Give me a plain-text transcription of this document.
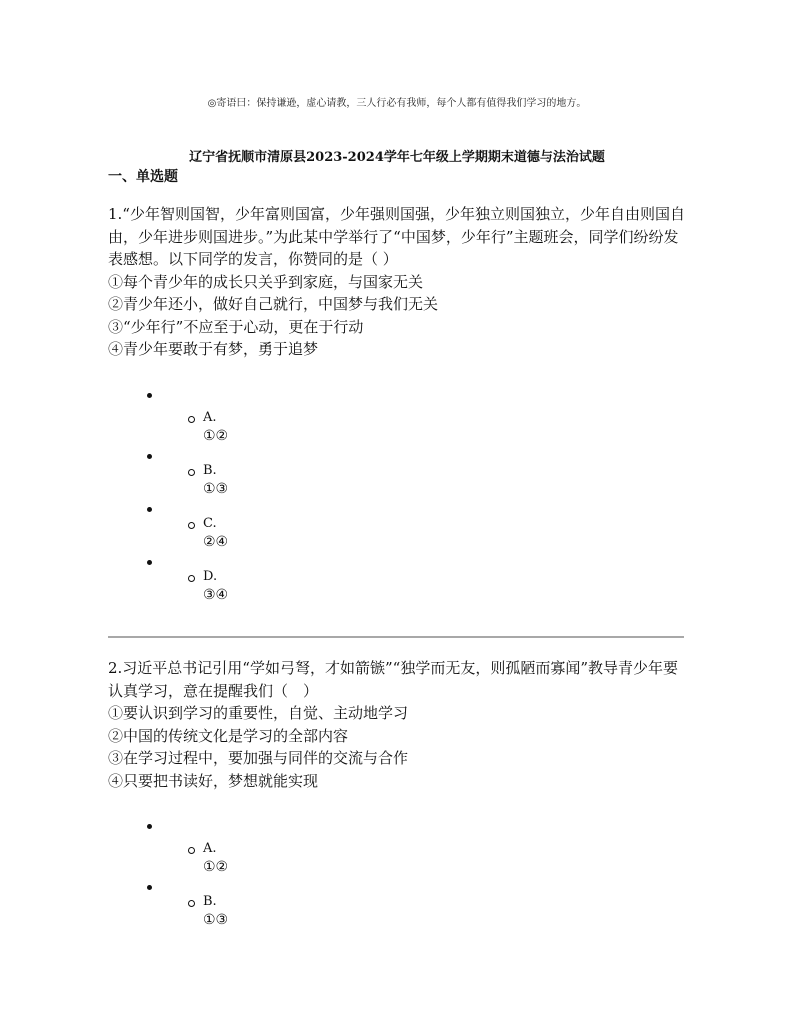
◎寄语曰：保持谦逊，虚心请教，三人行必有我师，每个人都有值得我们学习的地方。
辽宁省抚顺市清原县2023-2024学年七年级上学期期末道德与法治试题
一、单选题
1.“少年智则国智，少年富则国富，少年强则国强，少年独立则国独立，少年自由则国自由，少年进步则国进步。”为此某中学举行了“中国梦，少年行”主题班会，同学们纷纷发表感想。以下同学的发言，你赞同的是（ ）
①每个青少年的成长只关乎到家庭，与国家无关
②青少年还小，做好自己就行，中国梦与我们无关
③“少年行”不应至于心动，更在于行动
④青少年要敢于有梦，勇于追梦
A.
①②
B.
①③
C.
②④
D.
③④
2.习近平总书记引用“学如弓弩，才如箭镞”“独学而无友，则孤陋而寡闻”教导青少年要认真学习，意在提醒我们（　）
①要认识到学习的重要性，自觉、主动地学习
②中国的传统文化是学习的全部内容
③在学习过程中，要加强与同伴的交流与合作
④只要把书读好，梦想就能实现
A.
①②
B.
①③
